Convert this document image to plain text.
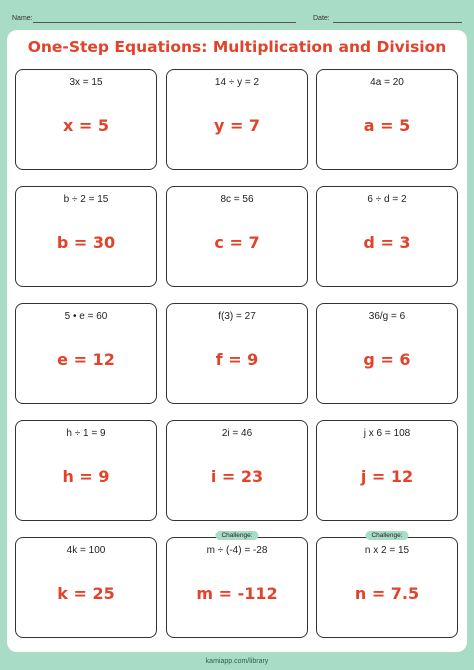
Name:	Date:
One-Step Equations: Multiplication and Division
3x = 15
x = 5
14 ÷ y = 2
y = 7
4a = 20
a = 5
b ÷ 2 = 15
b = 30
8c = 56
c = 7
6 ÷ d = 2
d = 3
5 • e = 60
e = 12
f(3) = 27
f = 9
36/g = 6
g = 6
h ÷ 1 = 9
h = 9
2i = 46
i = 23
j x 6 = 108
j = 12
4k = 100
k = 25
Challenge:
m ÷ (-4) = -28
m = -112
Challenge:
n x 2 = 15
n = 7.5
kamiapp.com/library
